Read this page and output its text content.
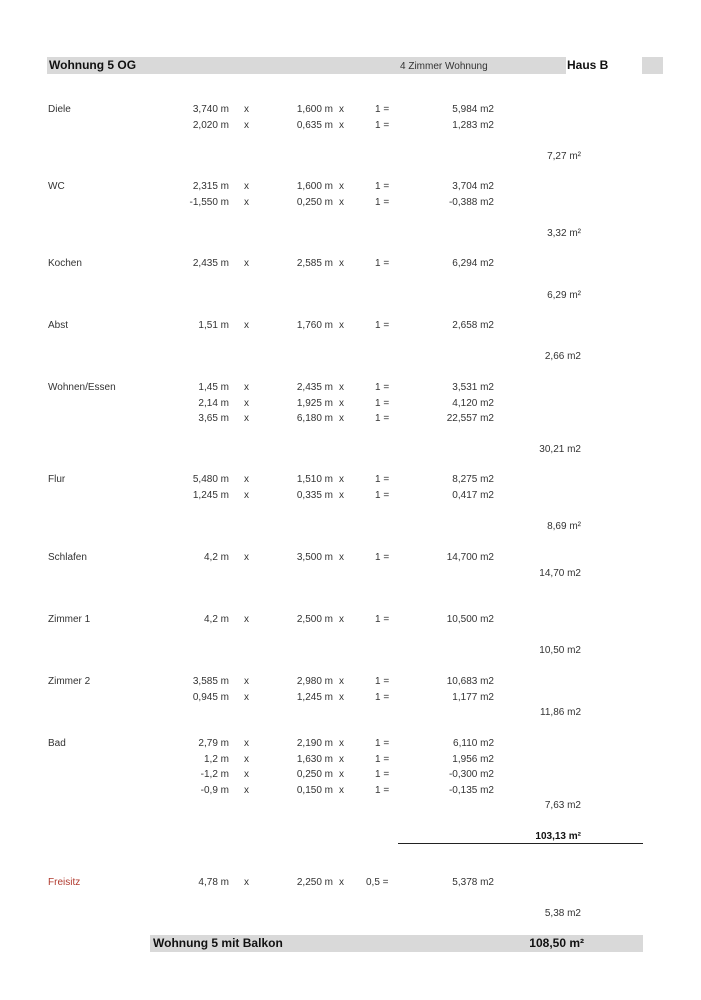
Wohnung 5 OG	4 Zimmer Wohnung	Haus B
Diele	3,740 m x	1,600 m x	1 =	5,984 m2
2,020 m x	0,635 m x	1 =	1,283 m2
7,27 m²
WC	2,315 m x	1,600 m x	1 =	3,704 m2
-1,550 m x	0,250 m x	1 =	-0,388 m2
3,32 m²
Kochen	2,435 m x	2,585 m x	1 =	6,294 m2
6,29 m²
Abst	1,51 m x	1,760 m x	1 =	2,658 m2
2,66 m2
Wohnen/Essen	1,45 m x	2,435 m x	1 =	3,531 m2
2,14 m x	1,925 m x	1 =	4,120 m2
3,65 m x	6,180 m x	1 =	22,557 m2
30,21 m2
Flur	5,480 m x	1,510 m x	1 =	8,275 m2
1,245 m x	0,335 m x	1 =	0,417 m2
8,69 m²
Schlafen	4,2 m x	3,500 m x	1 =	14,700 m2
14,70 m2
Zimmer 1	4,2 m x	2,500 m x	1 =	10,500 m2
10,50 m2
Zimmer 2	3,585 m x	2,980 m x	1 =	10,683 m2
0,945 m x	1,245 m x	1 =	1,177 m2
11,86 m2
Bad	2,79 m x	2,190 m x	1 =	6,110 m2
1,2 m x	1,630 m x	1 =	1,956 m2
-1,2 m x	0,250 m x	1 =	-0,300 m2
-0,9 m x	0,150 m x	1 =	-0,135 m2
7,63 m2
103,13 m²
Freisitz	4,78 m x	2,250 m x 0,5 =	5,378 m2
5,38 m2
Wohnung 5 mit Balkon	108,50 m²
